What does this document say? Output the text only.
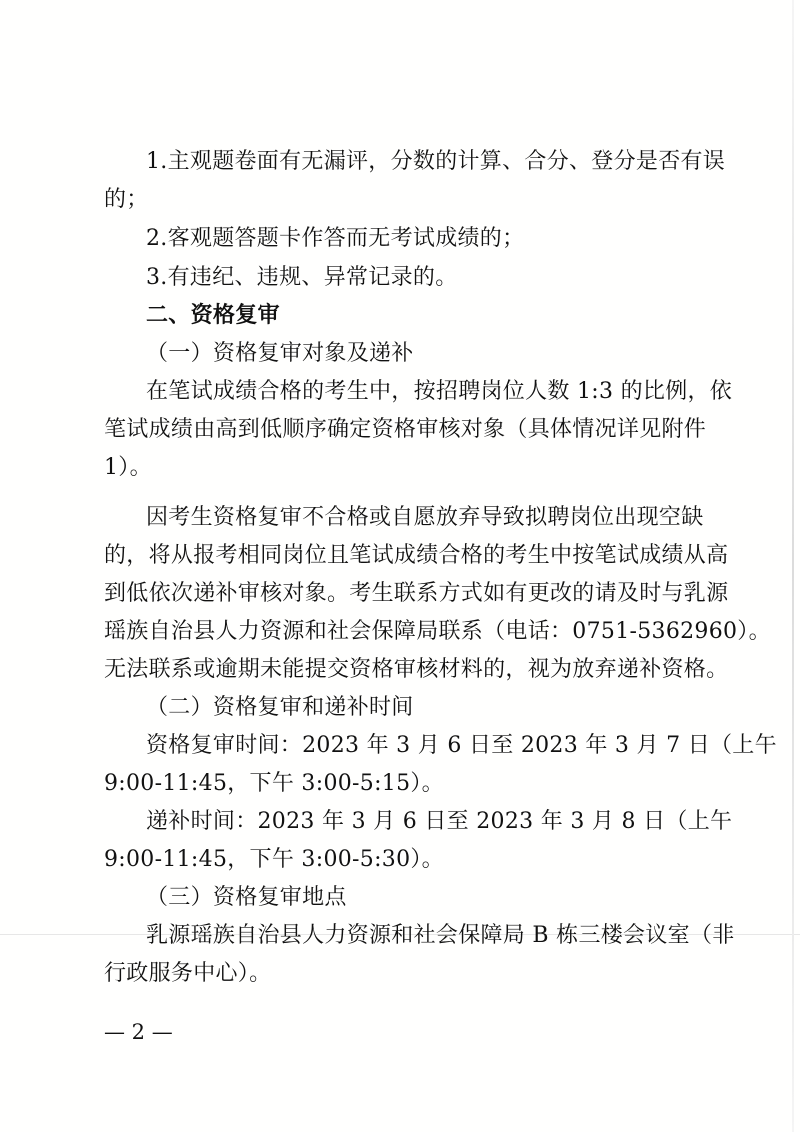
1.主观题卷面有无漏评，分数的计算、合分、登分是否有误
的；
2.客观题答题卡作答而无考试成绩的；
3.有违纪、违规、异常记录的。
二、资格复审
（一）资格复审对象及递补
在笔试成绩合格的考生中，按招聘岗位人数 1:3 的比例，依
笔试成绩由高到低顺序确定资格审核对象（具体情况详见附件
1）。
因考生资格复审不合格或自愿放弃导致拟聘岗位出现空缺
的，将从报考相同岗位且笔试成绩合格的考生中按笔试成绩从高
到低依次递补审核对象。考生联系方式如有更改的请及时与乳源
瑶族自治县人力资源和社会保障局联系（电话：0751-5362960）。
无法联系或逾期未能提交资格审核材料的，视为放弃递补资格。
（二）资格复审和递补时间
资格复审时间：2023 年 3 月 6 日至 2023 年 3 月 7 日（上午
9:00-11:45，下午 3:00-5:15）。
递补时间：2023 年 3 月 6 日至 2023 年 3 月 8 日（上午
9:00-11:45，下午 3:00-5:30）。
（三）资格复审地点
乳源瑶族自治县人力资源和社会保障局 B 栋三楼会议室（非
行政服务中心）。
— 2 —
